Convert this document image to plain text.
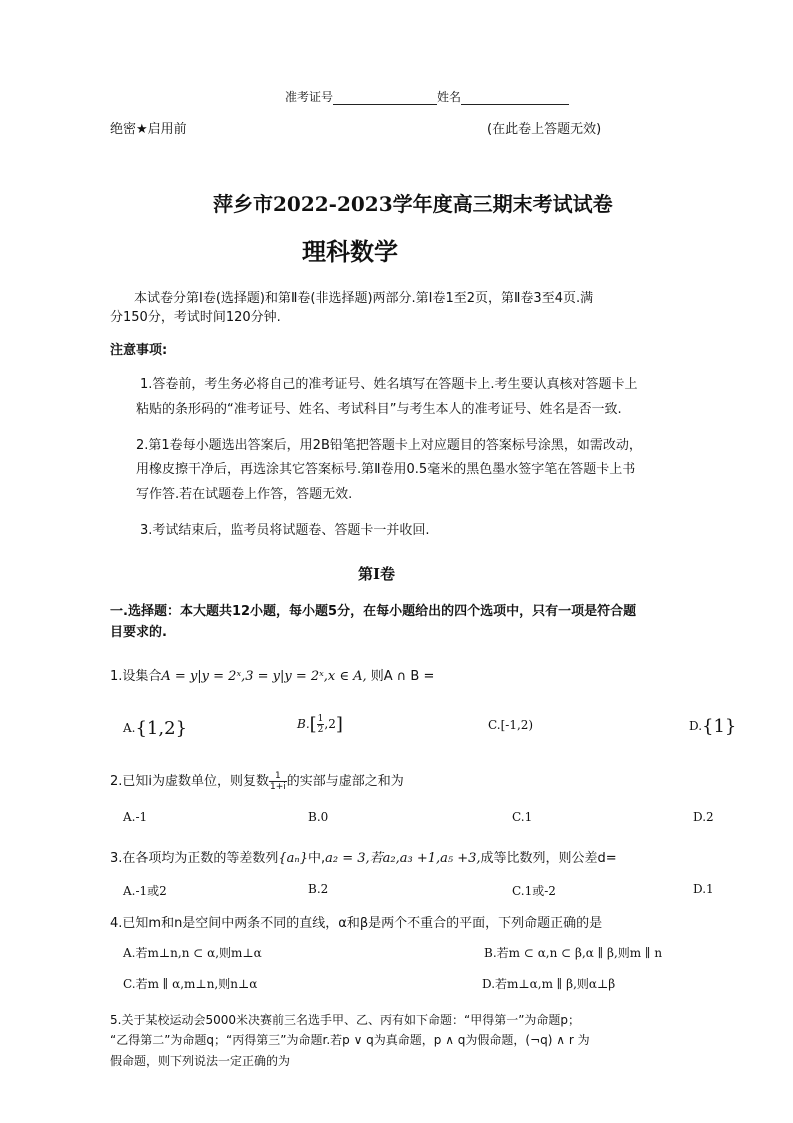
准考证号	姓名
绝密★启用前	(在此卷上答题无效)
萍乡市2022-2023学年度高三期末考试试卷
理科数学
本试卷分第Ⅰ卷(选择题)和第Ⅱ卷(非选择题)两部分.第Ⅰ卷1至2页，第Ⅱ卷3至4页.满
分150分，考试时间120分钟.
注意事项:
1.答卷前，考生务必将自己的准考证号、姓名填写在答题卡上.考生要认真核对答题卡上
粘贴的条形码的“准考证号、姓名、考试科目”与考生本人的准考证号、姓名是否一致.
2.第1卷每小题选出答案后，用2B铅笔把答题卡上对应题目的答案标号涂黑，如需改动，
用橡皮擦干净后，再选涂其它答案标号.第Ⅱ卷用0.5毫米的黑色墨水签字笔在答题卡上书
写作答.若在试题卷上作答，答题无效.
3.考试结束后，监考员将试题卷、答题卡一并收回.
第Ⅰ卷
一.选择题：本大题共12小题，每小题5分，在每小题给出的四个选项中，只有一项是符合题
目要求的.
1.设集合A = y|y = 2ˣ,3 = y|y = 2ˣ,x ∈ A, 则A ∩ B =
A.{1,2}	$B.[ \frac{1}{2} ,2]$	C.[-1,2)	D.{1}
2.已知i为虚数单位，则复数 $\frac{1}{1+i}$ 的实部与虚部之和为
A.-1	B.0	C.1	D.2
3.在各项均为正数的等差数列{aₙ}中,a₂ = 3,若a₂,a₃ +1,a₅ +3,成等比数列，则公差d=
A.-1或2	B.2	C.1或-2	D.1
4.已知m和n是空间中两条不同的直线，α和β是两个不重合的平面，下列命题正确的是
A.若m⊥n,n ⊂ α,则m⊥α	B.若m ⊂ α,n ⊂ β,α ∥ β,则m ∥ n
C.若m ∥ α,m⊥n,则n⊥α	D.若m⊥α,m ∥ β,则α⊥β
5.关于某校运动会5000米决赛前三名选手甲、乙、丙有如下命题：“甲得第一”为命题p；
“乙得第二”为命题q；“丙得第三”为命题r.若p ∨ q为真命题，p ∧ q为假命题，(¬q) ∧ r 为
假命题，则下列说法一定正确的为
